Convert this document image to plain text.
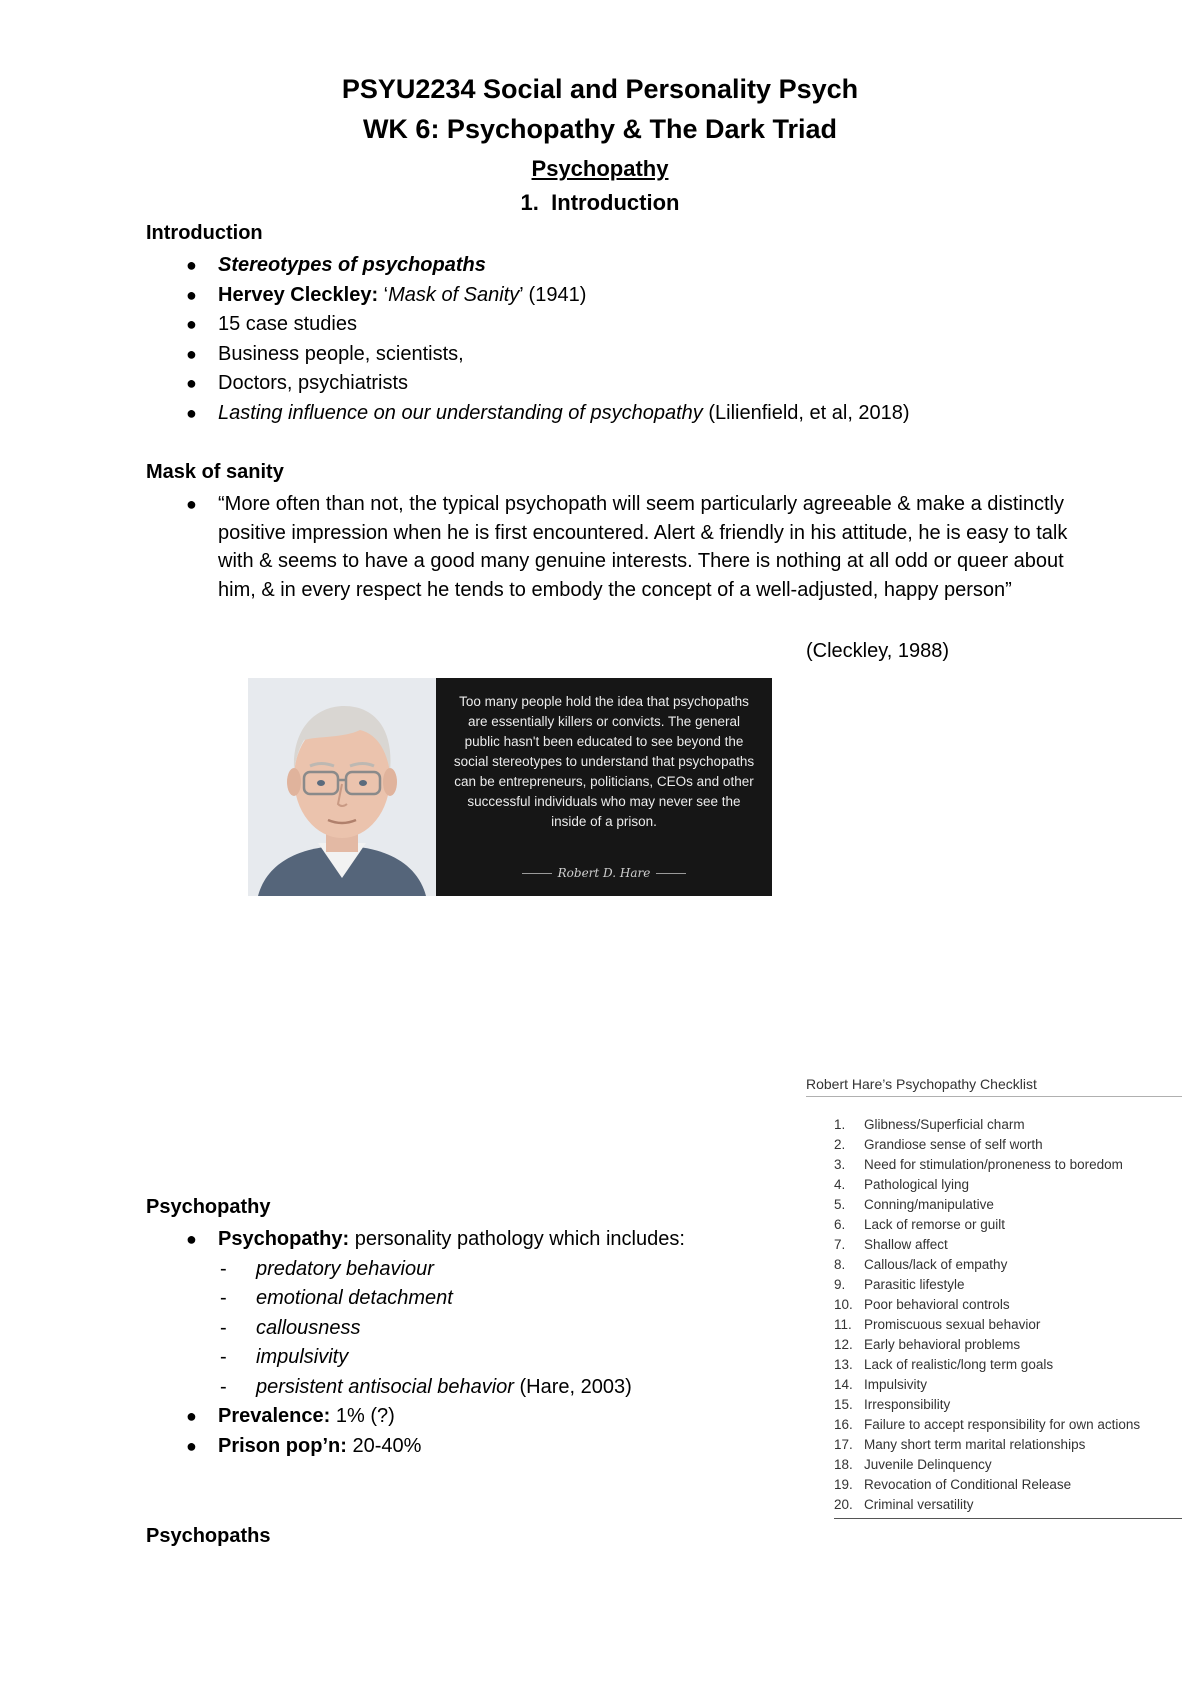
PSYU2234 Social and Personality Psych
WK 6: Psychopathy & The Dark Triad
Psychopathy
1. Introduction
Introduction
● Stereotypes of psychopaths
● Hervey Cleckley: ‘Mask of Sanity’ (1941)
● 15 case studies
● Business people, scientists,
● Doctors, psychiatrists
● Lasting influence on our understanding of psychopathy (Lilienfield, et al, 2018)
Mask of sanity
● “More often than not, the typical psychopath will seem particularly agreeable & make a distinctly positive impression when he is first encountered. Alert & friendly in his attitude, he is easy to talk with & seems to have a good many genuine interests. There is nothing at all odd or queer about him, & in every respect he tends to embody the concept of a well-adjusted, happy person”
(Cleckley, 1988)
Too many people hold the idea that psychopaths are essentially killers or convicts. The general public hasn't been educated to see beyond the social stereotypes to understand that psychopaths can be entrepreneurs, politicians, CEOs and other successful individuals who may never see the inside of a prison.
Robert D. Hare
Robert Hare’s Psychopathy Checklist
1.	Glibness/Superficial charm
2.	Grandiose sense of self worth
3.	Need for stimulation/proneness to boredom
4.	Pathological lying
5.	Conning/manipulative
6.	Lack of remorse or guilt
7.	Shallow affect
8.	Callous/lack of empathy
9.	Parasitic lifestyle
10. Poor behavioral controls
11. Promiscuous sexual behavior
12. Early behavioral problems
13. Lack of realistic/long term goals
14. Impulsivity
15. Irresponsibility
16. Failure to accept responsibility for own actions
17. Many short term marital relationships
18. Juvenile Delinquency
19. Revocation of Conditional Release
20. Criminal versatility
Psychopathy
● Psychopathy: personality pathology which includes:
- predatory behaviour
- emotional detachment
- callousness
- impulsivity
- persistent antisocial behavior (Hare, 2003)
● Prevalence: 1% (?)
● Prison pop’n: 20-40%
Psychopaths
